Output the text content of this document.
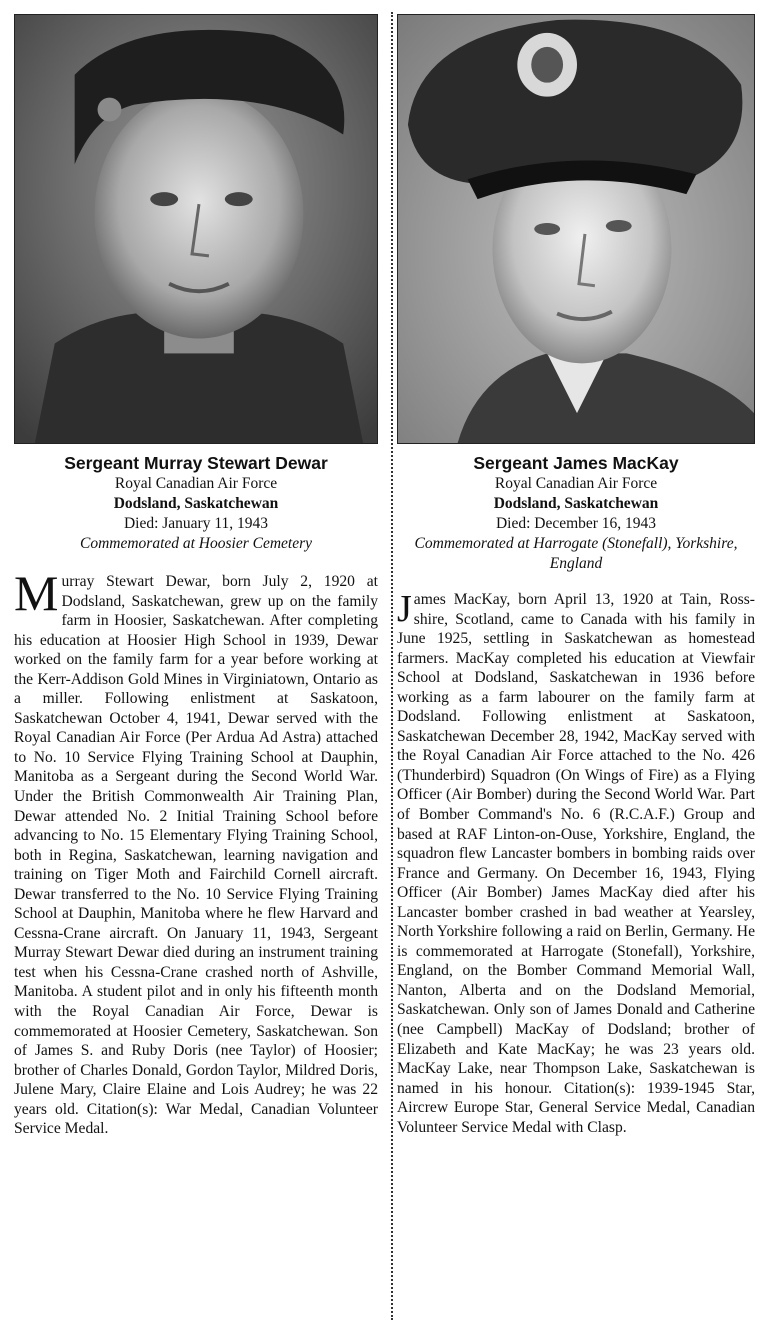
Sergeant Murray Stewart Dewar
Royal Canadian Air Force
Dodsland, Saskatchewan
Died: January 11, 1943
Commemorated at Hoosier Cemetery
Murray Stewart Dewar, born July 2, 1920 at Dodsland, Saskatchewan, grew up on the family farm in Hoosier, Saskatchewan. After completing his education at Hoosier High School in 1939, Dewar worked on the family farm for a year before working at the Kerr-Addison Gold Mines in Virginiatown, Ontario as a miller. Following enlistment at Saskatoon, Saskatchewan October 4, 1941, Dewar served with the Royal Canadian Air Force (Per Ardua Ad Astra) attached to No. 10 Service Flying Training School at Dauphin, Manitoba as a Sergeant during the Second World War. Under the British Commonwealth Air Training Plan, Dewar attended No. 2 Initial Training School before advancing to No. 15 Elementary Flying Training School, both in Regina, Saskatchewan, learning navigation and training on Tiger Moth and Fairchild Cornell aircraft. Dewar transferred to the No. 10 Service Flying Training School at Dauphin, Manitoba where he flew Harvard and Cessna-Crane aircraft. On January 11, 1943, Sergeant Murray Stewart Dewar died during an instrument training test when his Cessna-Crane crashed north of Ashville, Manitoba. A student pilot and in only his fifteenth month with the Royal Canadian Air Force, Dewar is commemorated at Hoosier Cemetery, Saskatchewan. Son of James S. and Ruby Doris (nee Taylor) of Hoosier; brother of Charles Donald, Gordon Taylor, Mildred Doris, Julene Mary, Claire Elaine and Lois Audrey; he was 22 years old. Citation(s): War Medal, Canadian Volunteer Service Medal.
Sergeant James MacKay
Royal Canadian Air Force
Dodsland, Saskatchewan
Died: December 16, 1943
Commemorated at Harrogate (Stonefall), Yorkshire, England
James MacKay, born April 13, 1920 at Tain, Ross-shire, Scotland, came to Canada with his family in June 1925, settling in Saskatchewan as homestead farmers. MacKay completed his education at Viewfair School at Dodsland, Saskatchewan in 1936 before working as a farm labourer on the family farm at Dodsland. Following enlistment at Saskatoon, Saskatchewan December 28, 1942, MacKay served with the Royal Canadian Air Force attached to the No. 426 (Thunderbird) Squadron (On Wings of Fire) as a Flying Officer (Air Bomber) during the Second World War. Part of Bomber Command's No. 6 (R.C.A.F.) Group and based at RAF Linton-on-Ouse, Yorkshire, England, the squadron flew Lancaster bombers in bombing raids over France and Germany. On December 16, 1943, Flying Officer (Air Bomber) James MacKay died after his Lancaster bomber crashed in bad weather at Yearsley, North Yorkshire following a raid on Berlin, Germany. He is commemorated at Harrogate (Stonefall), Yorkshire, England, on the Bomber Command Memorial Wall, Nanton, Alberta and on the Dodsland Memorial, Saskatchewan. Only son of James Donald and Catherine (nee Campbell) MacKay of Dodsland; brother of Elizabeth and Kate MacKay; he was 23 years old. MacKay Lake, near Thompson Lake, Saskatchewan is named in his honour. Citation(s): 1939-1945 Star, Aircrew Europe Star, General Service Medal, Canadian Volunteer Service Medal with Clasp.
